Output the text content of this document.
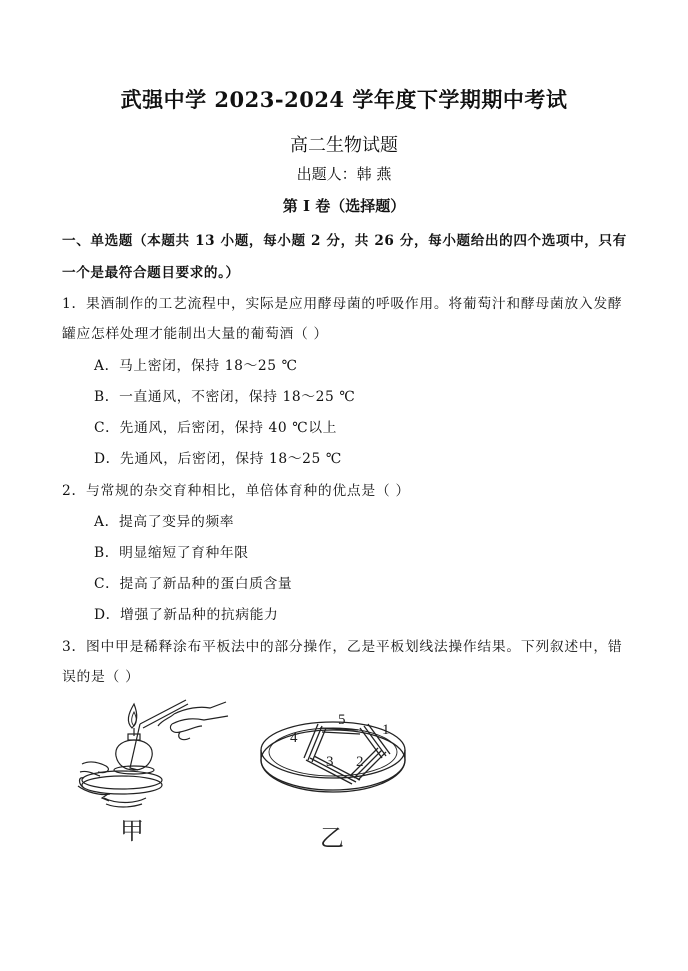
武强中学 2023-2024 学年度下学期期中考试
高二生物试题
出题人：韩 燕
第 I 卷（选择题）
一、单选题（本题共 13 小题，每小题 2 分，共 26 分，每小题给出的四个选项中，只有
一个是最符合题目要求的。）
1．果酒制作的工艺流程中，实际是应用酵母菌的呼吸作用。将葡萄汁和酵母菌放入发酵
罐应怎样处理才能制出大量的葡萄酒（ ）
A．马上密闭，保持 18～25 ℃
B．一直通风，不密闭，保持 18～25 ℃
C．先通风，后密闭，保持 40 ℃以上
D．先通风，后密闭，保持 18～25 ℃
2．与常规的杂交育种相比，单倍体育种的优点是（ ）
A．提高了变异的频率
B．明显缩短了育种年限
C．提高了新品种的蛋白质含量
D．增强了新品种的抗病能力
3．图中甲是稀释涂布平板法中的部分操作，乙是平板划线法操作结果。下列叙述中，错
误的是（ ）
甲
1
2
3
4
5
乙
